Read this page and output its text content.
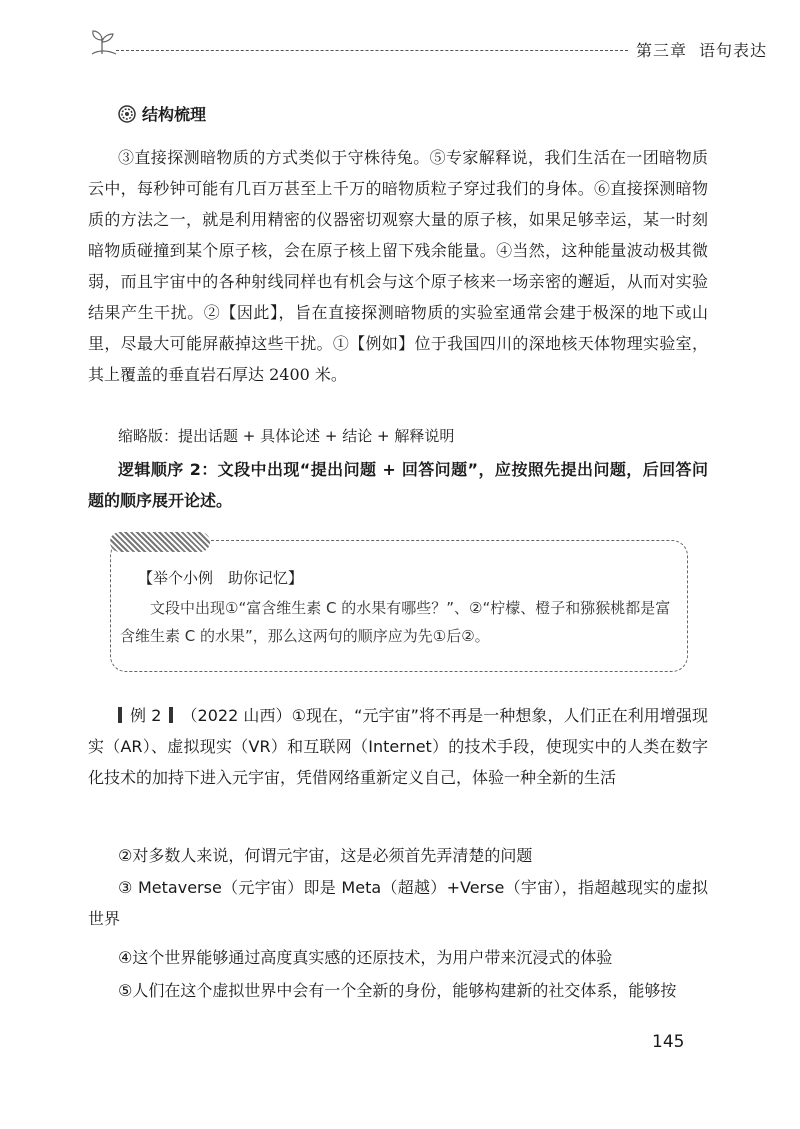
第三章 语句表达
结构梳理
③直接探测暗物质的方式类似于守株待兔。⑤专家解释说，我们生活在一团暗物质云中，每秒钟可能有几百万甚至上千万的暗物质粒子穿过我们的身体。⑥直接探测暗物质的方法之一，就是利用精密的仪器密切观察大量的原子核，如果足够幸运，某一时刻暗物质碰撞到某个原子核，会在原子核上留下残余能量。④当然，这种能量波动极其微弱，而且宇宙中的各种射线同样也有机会与这个原子核来一场亲密的邂逅，从而对实验结果产生干扰。②【因此】，旨在直接探测暗物质的实验室通常会建于极深的地下或山里，尽最大可能屏蔽掉这些干扰。①【例如】位于我国四川的深地核天体物理实验室，其上覆盖的垂直岩石厚达 2400 米。
缩略版：提出话题 + 具体论述 + 结论 + 解释说明
逻辑顺序 2：文段中出现“提出问题 + 回答问题”，应按照先提出问题，后回答问题的顺序展开论述。
【举个小例　助你记忆】
文段中出现①“富含维生素 C 的水果有哪些？”、②“柠檬、橙子和猕猴桃都是富含维生素 C 的水果”，那么这两句的顺序应为先①后②。
例 2 （2022 山西）①现在，“元宇宙”将不再是一种想象，人们正在利用增强现实（AR）、虚拟现实（VR）和互联网（Internet）的技术手段，使现实中的人类在数字化技术的加持下进入元宇宙，凭借网络重新定义自己，体验一种全新的生活
②对多数人来说，何谓元宇宙，这是必须首先弄清楚的问题
③ Metaverse（元宇宙）即是 Meta（超越）+Verse（宇宙），指超越现实的虚拟世界
④这个世界能够通过高度真实感的还原技术，为用户带来沉浸式的体验
⑤人们在这个虚拟世界中会有一个全新的身份，能够构建新的社交体系，能够按
145
